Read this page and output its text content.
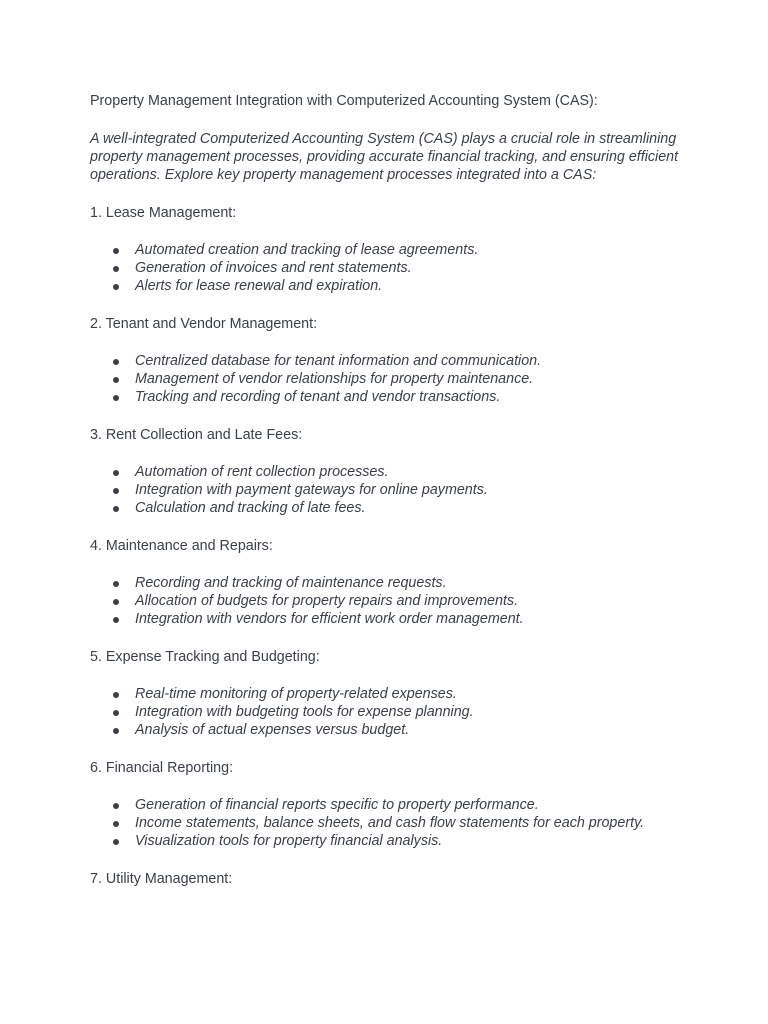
Property Management Integration with Computerized Accounting System (CAS):

A well-integrated Computerized Accounting System (CAS) plays a crucial role in streamlining property management processes, providing accurate financial tracking, and ensuring efficient operations. Explore key property management processes integrated into a CAS:

1. Lease Management:

Automated creation and tracking of lease agreements.
Generation of invoices and rent statements.
Alerts for lease renewal and expiration.

2. Tenant and Vendor Management:

Centralized database for tenant information and communication.
Management of vendor relationships for property maintenance.
Tracking and recording of tenant and vendor transactions.

3. Rent Collection and Late Fees:

Automation of rent collection processes.
Integration with payment gateways for online payments.
Calculation and tracking of late fees.

4. Maintenance and Repairs:

Recording and tracking of maintenance requests.
Allocation of budgets for property repairs and improvements.
Integration with vendors for efficient work order management.

5. Expense Tracking and Budgeting:

Real-time monitoring of property-related expenses.
Integration with budgeting tools for expense planning.
Analysis of actual expenses versus budget.

6. Financial Reporting:

Generation of financial reports specific to property performance.
Income statements, balance sheets, and cash flow statements for each property.
Visualization tools for property financial analysis.

7. Utility Management:
